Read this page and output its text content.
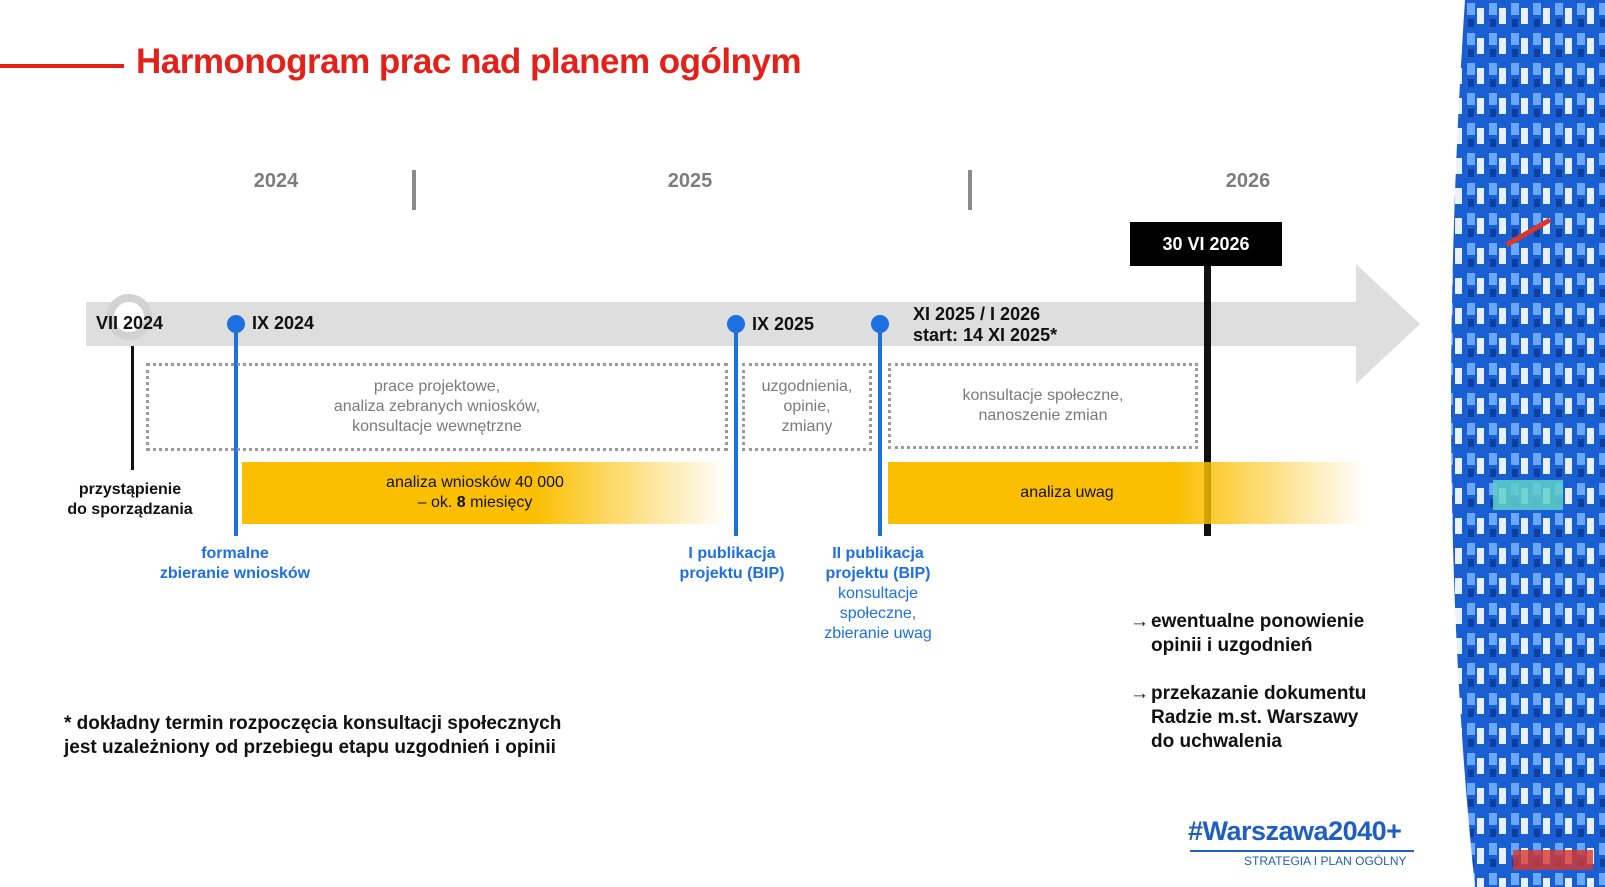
Harmonogram prac nad planem ogólnym
2024	2025	2026
30 VI 2026
VII 2024	IX 2024	IX 2025	XI 2025 / I 2026
start: 14 XI 2025*
prace projektowe,
analiza zebranych wniosków,
konsultacje wewnętrzne
uzgodnienia,
opinie,
zmiany
konsultacje społeczne,
nanoszenie zmian
analiza wniosków 40 000
– ok. 8 miesięcy
analiza uwag
przystąpienie
do sporządzania
formalne
zbieranie wniosków
I publikacja
projektu (BIP)
II publikacja
projektu (BIP)
konsultacje
społeczne,
zbieranie uwag
→ ewentualne ponowienie
opinii i uzgodnień
→ przekazanie dokumentu
Radzie m.st. Warszawy
do uchwalenia
* dokładny termin rozpoczęcia konsultacji społecznych
jest uzależniony od przebiegu etapu uzgodnień i opinii
#Warszawa2040+
STRATEGIA I PLAN OGÓLNY
